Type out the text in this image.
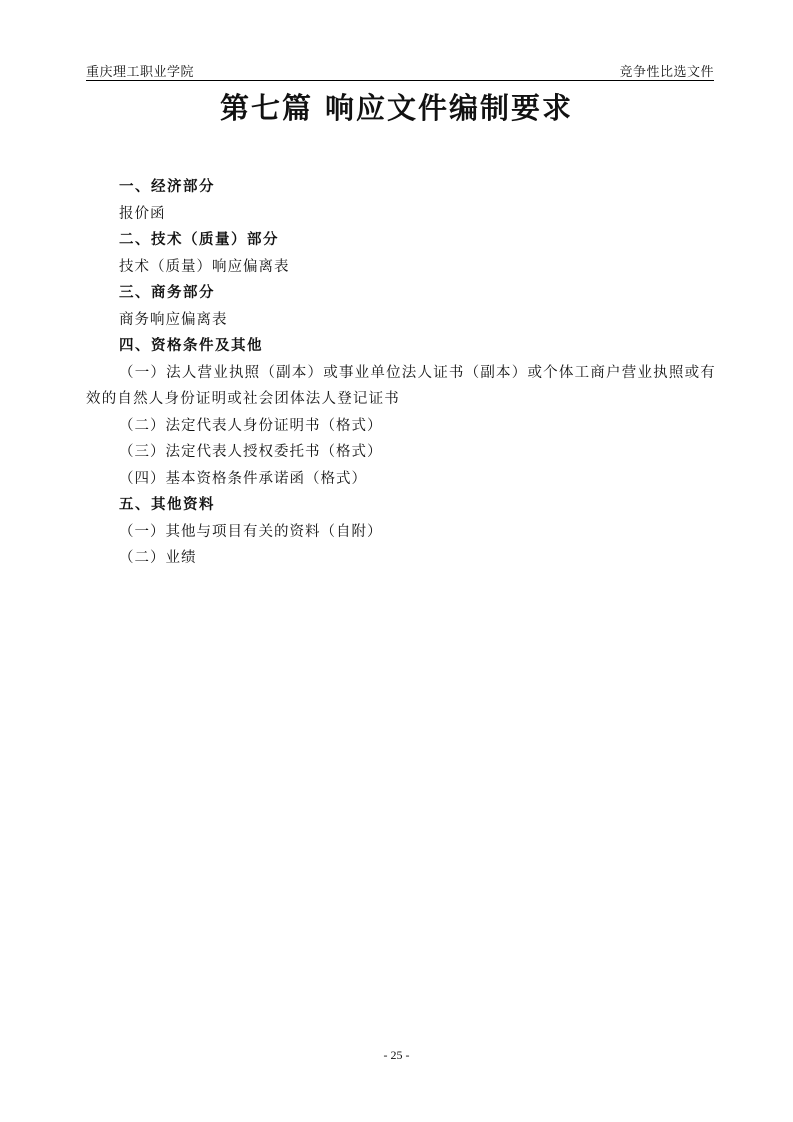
重庆理工职业学院	竞争性比选文件
第七篇 响应文件编制要求
一、经济部分
报价函
二、技术（质量）部分
技术（质量）响应偏离表
三、商务部分
商务响应偏离表
四、资格条件及其他
（一）法人营业执照（副本）或事业单位法人证书（副本）或个体工商户营业执照或有效的自然人身份证明或社会团体法人登记证书
（二）法定代表人身份证明书（格式）
（三）法定代表人授权委托书（格式）
（四）基本资格条件承诺函（格式）
五、其他资料
（一）其他与项目有关的资料（自附）
（二）业绩
- 25 -
